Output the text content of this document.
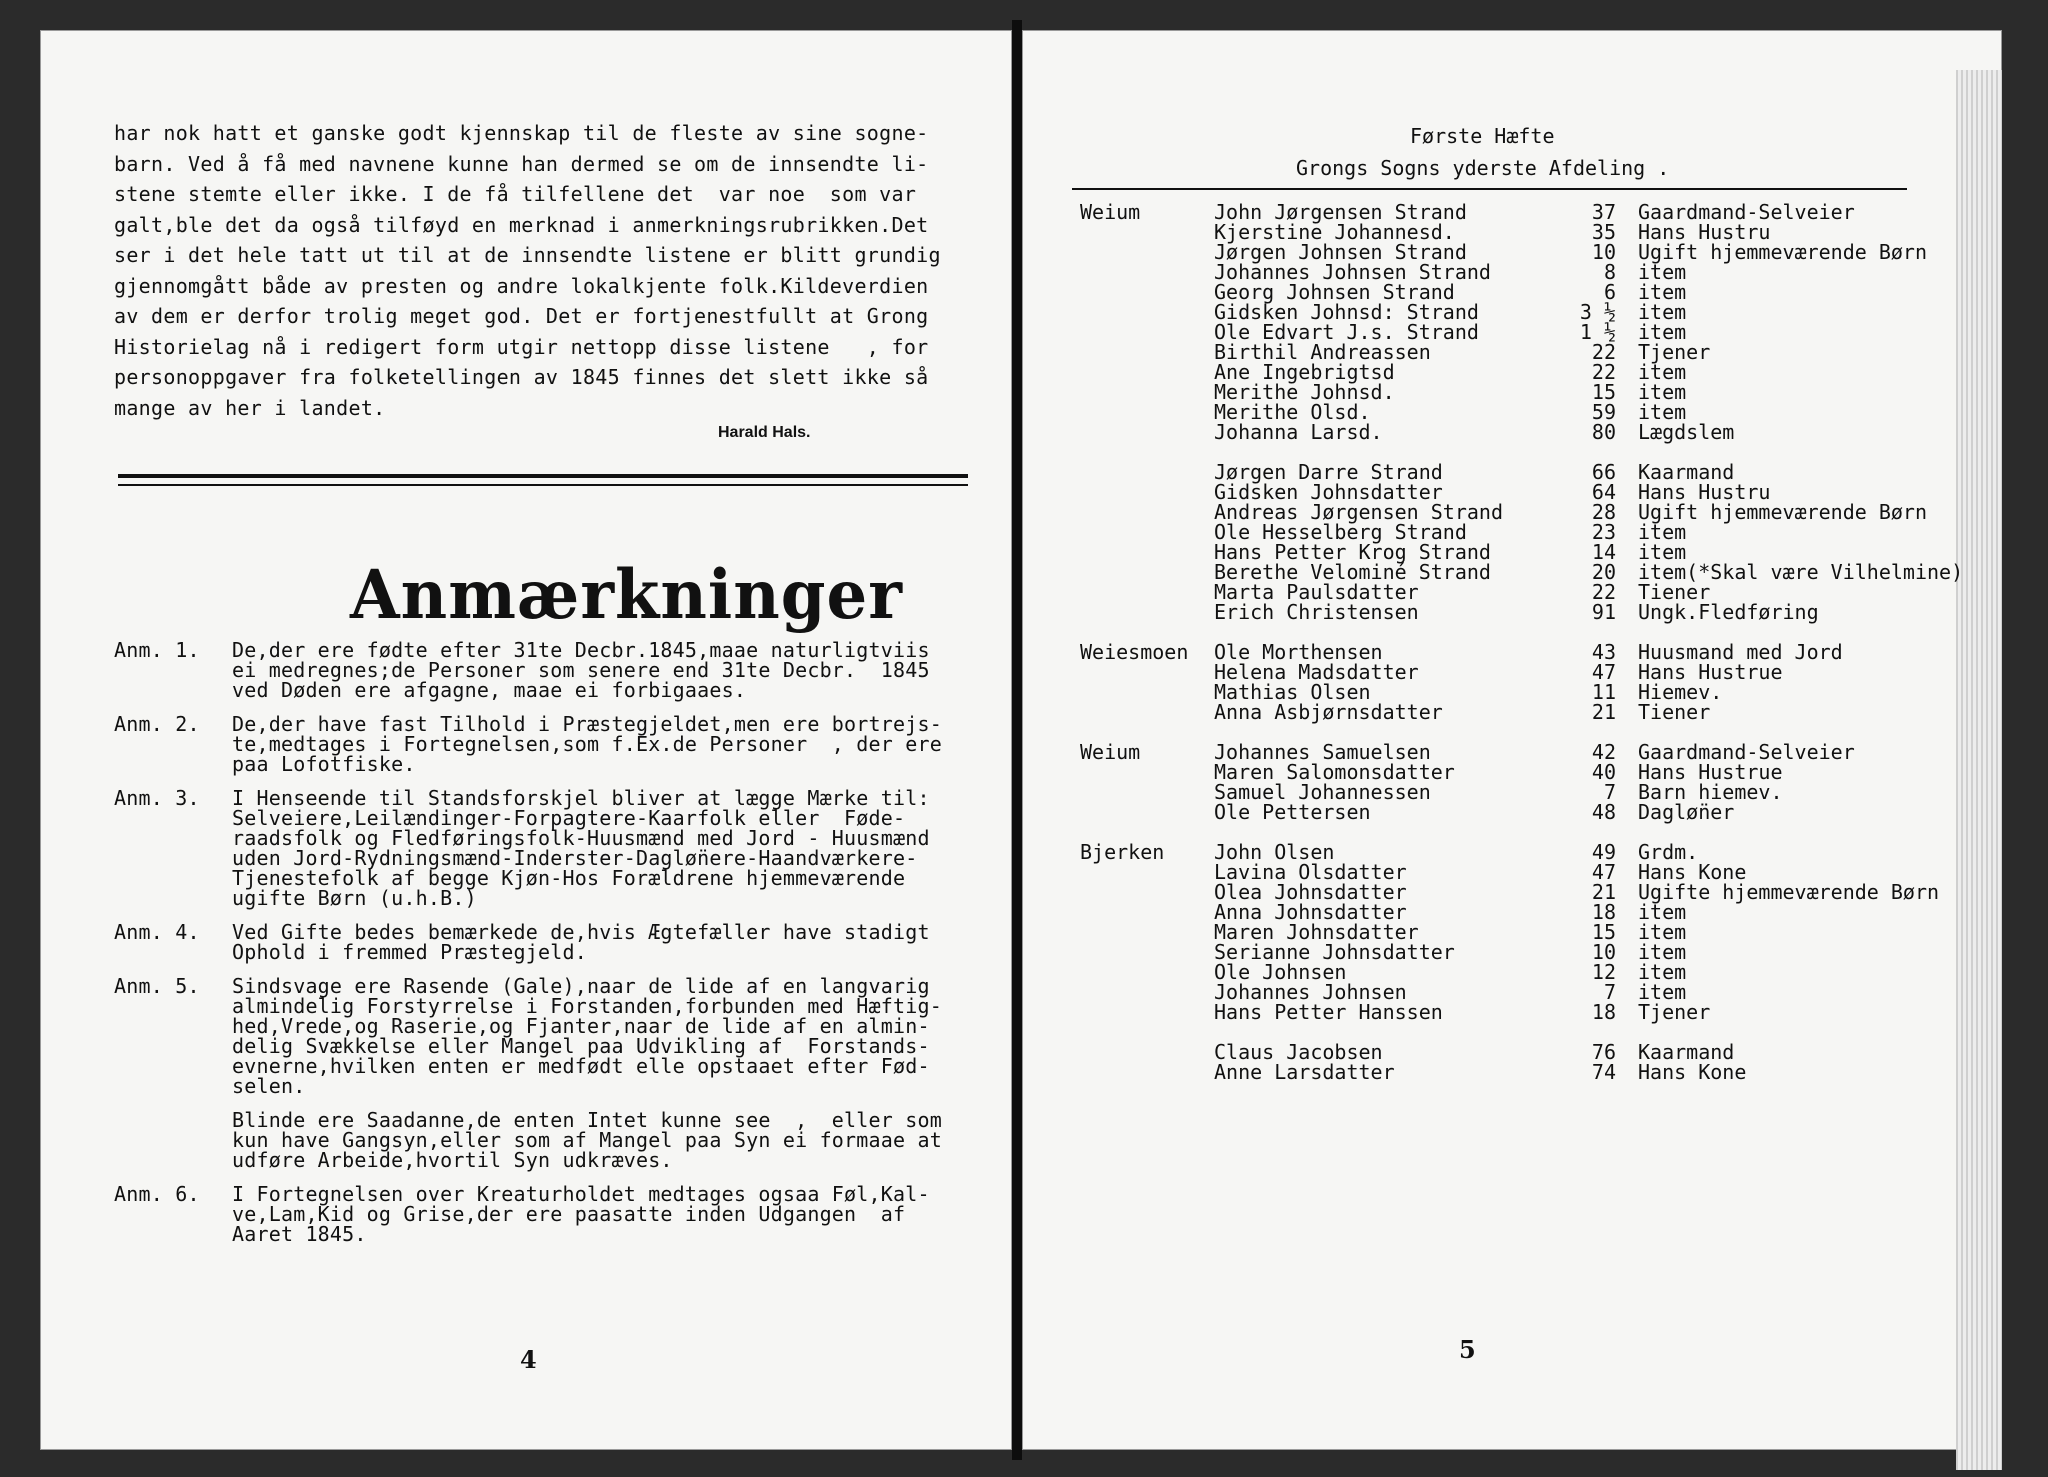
har nok hatt et ganske godt kjennskap til de fleste av sine sogne-

barn. Ved å få med navnene kunne han dermed se om de innsendte li-

stene stemte eller ikke. I de få tilfellene det  var noe  som var

galt,ble det da også tilføyd en merknad i anmerkningsrubrikken.Det

ser i det hele tatt ut til at de innsendte listene er blitt grundig

gjennomgått både av presten og andre lokalkjente folk.Kildeverdien

av dem er derfor trolig meget god. Det er fortjenestfullt at Grong

Historielag nå i redigert form utgir nettopp disse listene   , for

personoppgaver fra folketellingen av 1845 finnes det slett ikke så

mange av her i landet.

Harald Hals.
Anmærkninger
Anm. 1.	De,der ere fødte efter 31te Decbr.1845,maae naturligtviis
ei medregnes;de Personer som senere end 31te Decbr.  1845
ved Døden ere afgagne, maae ei forbigaaes.
Anm. 2.	De,der have fast Tilhold i Præstegjeldet,men ere bortrejs-
te,medtages i Fortegnelsen,som f.Ex.de Personer  , der ere
paa Lofotfiske.
Anm. 3.	I Henseende til Standsforskjel bliver at lægge Mærke til:
Selveiere,Leilændinger-Forpagtere-Kaarfolk eller  Føde-
raadsfolk og Fledføringsfolk-Huusmænd med Jord - Huusmænd
uden Jord-Rydningsmænd-Inderster-Dagløn̈ere-Haandværkere-
Tjenestefolk af begge Kjøn-Hos Forældrene hjemmeværende
ugifte Børn (u.h.B.)
Anm. 4.	Ved Gifte bedes bemærkede de,hvis Ægtefæller have stadigt
Ophold i fremmed Præstegjeld.
Anm. 5.	Sindsvage ere Rasende (Gale),naar de lide af en langvarig
almindelig Forstyrrelse i Forstanden,forbunden med Hæftig-
hed,Vrede,og Raserie,og Fjanter,naar de lide af en almin-
delig Svækkelse eller Mangel paa Udvikling af  Forstands-
evnerne,hvilken enten er medfødt elle opstaaet efter Fød-
selen.
Blinde ere Saadanne,de enten Intet kunne see  ,  eller som
kun have Gangsyn,eller som af Mangel paa Syn ei formaae at
udføre Arbeide,hvortil Syn udkræves.
Anm. 6.	I Fortegnelsen over Kreaturholdet medtages ogsaa Føl,Kal-
ve,Lam,Kid og Grise,der ere paasatte inden Udgangen  af
Aaret 1845.
4
Første Hæfte
Grongs Sogns yderste Afdeling .
Weium	John Jørgensen Strand	37	Gaardmand-Selveier
Kjerstine Johannesd.	35	Hans Hustru
Jørgen Johnsen Strand	10	Ugift hjemmeværende Børn
Johannes Johnsen Strand	8	item
Georg Johnsen Strand	6	item
Gidsken Johnsd: Strand	3 ½	item
Ole Edvart J.s. Strand	1 ½	item
Birthil Andreassen	22	Tjener
Ane Ingebrigtsd	22	item
Merithe Johnsd.	15	item
Merithe Olsd.	59	item
Johanna Larsd.	80	Lægdslem
Jørgen Darre Strand	66	Kaarmand
Gidsken Johnsdatter	64	Hans Hustru
Andreas Jørgensen Strand	28	Ugift hjemmeværende Børn
Ole Hesselberg Strand	23	item
Hans Petter Krog Strand	14	item
Berethe Velominé Strand	20	item(*Skal være Vilhelmine)
Marta Paulsdatter	22	Tiener
Erich Christensen	91	Ungk.Fledføring
Weiesmoen	Ole Morthensen	43	Huusmand med Jord
Helena Madsdatter	47	Hans Hustrue
Mathias Olsen	11	Hiemev.
Anna Asbjørnsdatter	21	Tiener
Weium	Johannes Samuelsen	42	Gaardmand-Selveier
Maren Salomonsdatter	40	Hans Hustrue
Samuel Johannessen	7	Barn hiemev.
Ole Pettersen	48	Dagløn̈er
Bjerken	John Olsen	49	Grdm.
Lavina Olsdatter	47	Hans Kone
Olea Johnsdatter	21	Ugifte hjemmeværende Børn
Anna Johnsdatter	18	item
Maren Johnsdatter	15	item
Serianne Johnsdatter	10	item
Ole Johnsen	12	item
Johannes Johnsen	7	item
Hans Petter Hanssen	18	Tjener
Claus Jacobsen	76	Kaarmand
Anne Larsdatter	74	Hans Kone
5
